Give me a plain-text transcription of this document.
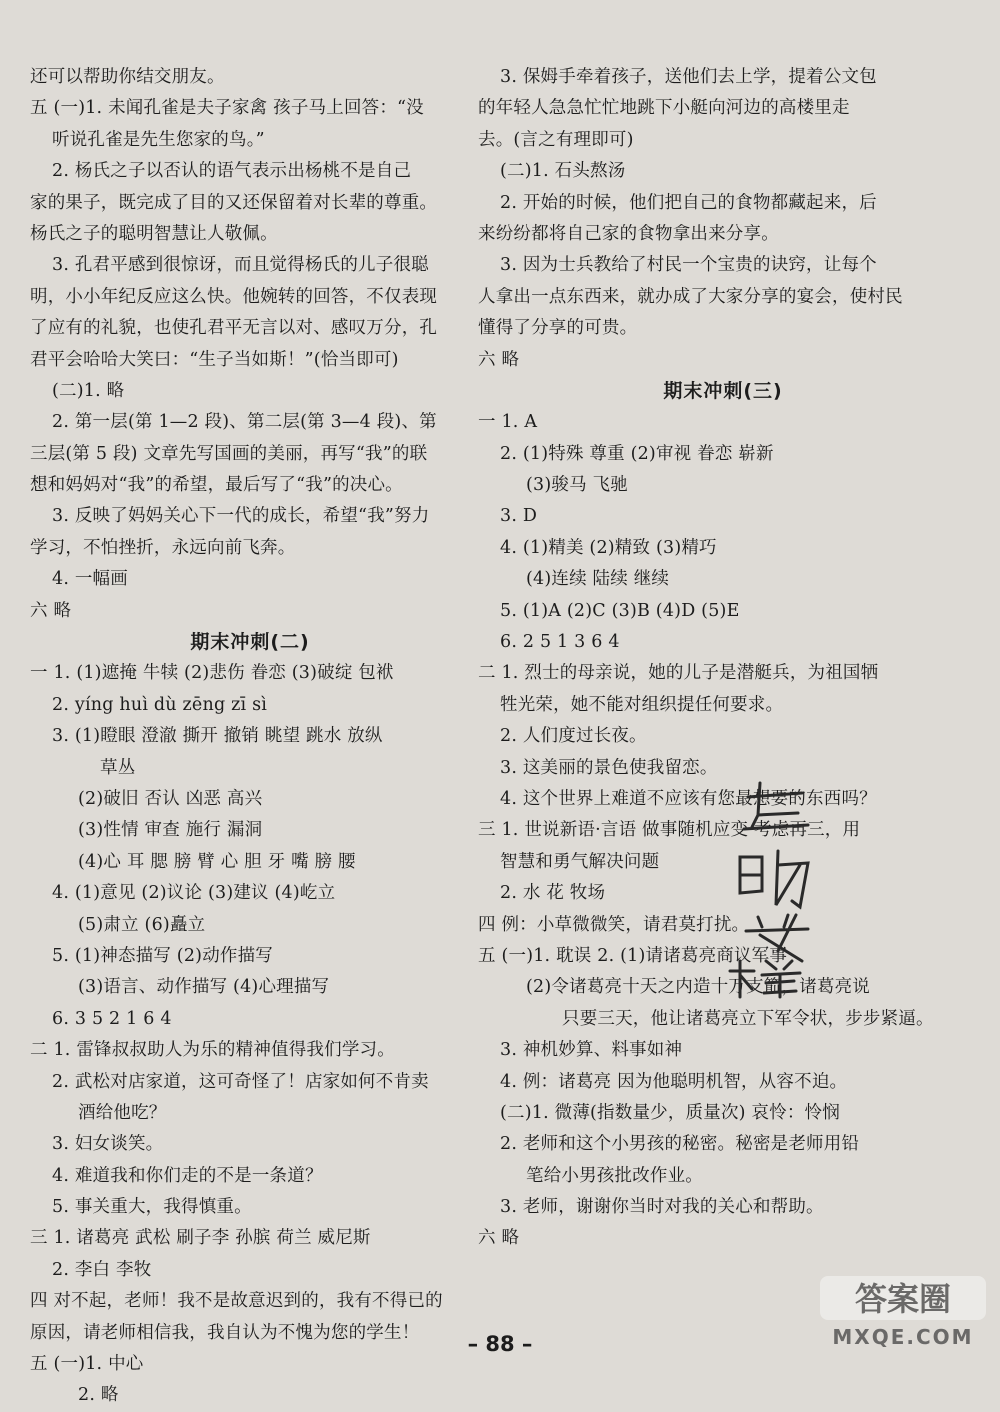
还可以帮助你结交朋友。
五 (一)1. 未闻孔雀是夫子家禽 孩子马上回答：“没
听说孔雀是先生您家的鸟。”
2. 杨氏之子以否认的语气表示出杨桃不是自己
家的果子，既完成了目的又还保留着对长辈的尊重。
杨氏之子的聪明智慧让人敬佩。
3. 孔君平感到很惊讶，而且觉得杨氏的儿子很聪
明，小小年纪反应这么快。他婉转的回答，不仅表现
了应有的礼貌，也使孔君平无言以对、感叹万分，孔
君平会哈哈大笑曰：“生子当如斯！”(恰当即可)
(二)1. 略
2. 第一层(第 1—2 段)、第二层(第 3—4 段)、第
三层(第 5 段) 文章先写国画的美丽，再写“我”的联
想和妈妈对“我”的希望，最后写了“我”的决心。
3. 反映了妈妈关心下一代的成长，希望“我”努力
学习，不怕挫折，永远向前飞奔。
4. 一幅画
六 略
期末冲刺(二)
一 1. (1)遮掩 牛犊 (2)悲伤 眷恋 (3)破绽 包袱
2. yíng huì dù zēng zī sì
3. (1)瞪眼 澄澈 撕开 撤销 眺望 跳水 放纵
草丛
(2)破旧 否认 凶恶 高兴
(3)性情 审查 施行 漏洞
(4)心 耳 腮 膀 臂 心 胆 牙 嘴 膀 腰
4. (1)意见 (2)议论 (3)建议 (4)屹立
(5)肃立 (6)矗立
5. (1)神态描写 (2)动作描写
(3)语言、动作描写 (4)心理描写
6. 3 5 2 1 6 4
二 1. 雷锋叔叔助人为乐的精神值得我们学习。
2. 武松对店家道，这可奇怪了！店家如何不肯卖
酒给他吃？
3. 妇女谈笑。
4. 难道我和你们走的不是一条道？
5. 事关重大，我得慎重。
三 1. 诸葛亮 武松 刷子李 孙膑 荷兰 威尼斯
2. 李白 李牧
四 对不起，老师！我不是故意迟到的，我有不得已的
原因，请老师相信我，我自认为不愧为您的学生！
五 (一)1. 中心
2. 略
3. 保姆手牵着孩子，送他们去上学，提着公文包
的年轻人急急忙忙地跳下小艇向河边的高楼里走
去。(言之有理即可)
(二)1. 石头熬汤
2. 开始的时候，他们把自己的食物都藏起来，后
来纷纷都将自己家的食物拿出来分享。
3. 因为士兵教给了村民一个宝贵的诀窍，让每个
人拿出一点东西来，就办成了大家分享的宴会，使村民
懂得了分享的可贵。
六 略
期末冲刺(三)
一 1. A
2. (1)特殊 尊重 (2)审视 眷恋 崭新
(3)骏马 飞驰
3. D
4. (1)精美 (2)精致 (3)精巧
(4)连续 陆续 继续
5. (1)A (2)C (3)B (4)D (5)E
6. 2 5 1 3 6 4
二 1. 烈士的母亲说，她的儿子是潜艇兵，为祖国牺
牲光荣，她不能对组织提任何要求。
2. 人们度过长夜。
3. 这美丽的景色使我留恋。
4. 这个世界上难道不应该有您最想要的东西吗？
三 1. 世说新语·言语 做事随机应变 考虑再三，用
智慧和勇气解决问题
2. 水 花 牧场
四 例：小草微微笑，请君莫打扰。
五 (一)1. 耽误 2. (1)请诸葛亮商议军事
(2)令诸葛亮十天之内造十万支箭，诸葛亮说
只要三天，他让诸葛亮立下军令状，步步紧逼。
3. 神机妙算、料事如神
4. 例：诸葛亮 因为他聪明机智，从容不迫。
(二)1. 微薄(指数量少，质量次) 哀怜：怜悯
2. 老师和这个小男孩的秘密。秘密是老师用铅
笔给小男孩批改作业。
3. 老师，谢谢你当时对我的关心和帮助。
六 略
– 88 –
答案圈
MXQE.COM
